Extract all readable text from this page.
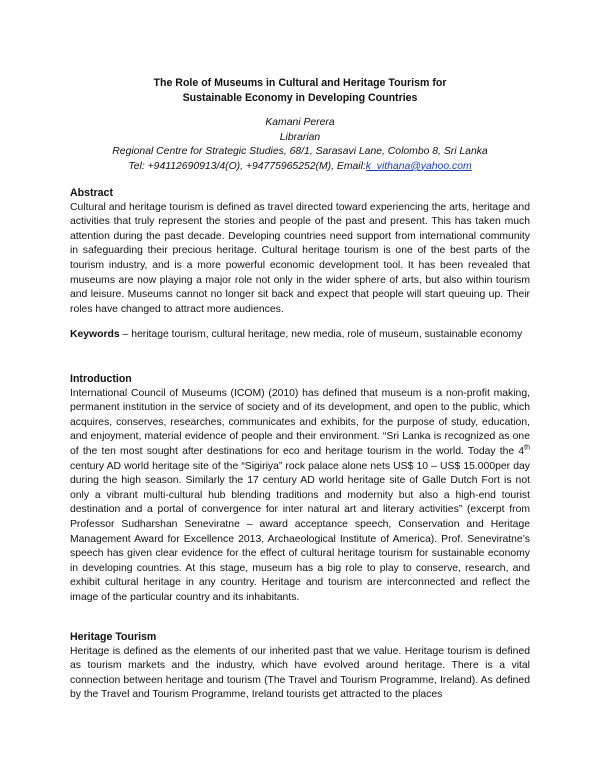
The Role of Museums in Cultural and Heritage Tourism for
Sustainable Economy in Developing Countries
Kamani Perera
Librarian
Regional Centre for Strategic Studies, 68/1, Sarasavi Lane, Colombo 8, Sri Lanka
Tel: +94112690913/4(O), +94775965252(M), Email:k_vithana@yahoo.com
Abstract
Cultural and heritage tourism is defined as travel directed toward experiencing the arts, heritage and activities that truly represent the stories and people of the past and present. This has taken much attention during the past decade. Developing countries need support from international community in safeguarding their precious heritage. Cultural heritage tourism is one of the best parts of the tourism industry, and is a more powerful economic development tool. It has been revealed that museums are now playing a major role not only in the wider sphere of arts, but also within tourism and leisure. Museums cannot no longer sit back and expect that people will start queuing up. Their roles have changed to attract more audiences.
Keywords – heritage tourism, cultural heritage, new media, role of museum, sustainable economy
Introduction
International Council of Museums (ICOM) (2010) has defined that museum is a non-profit making, permanent institution in the service of society and of its development, and open to the public, which acquires, conserves, researches, communicates and exhibits, for the purpose of study, education, and enjoyment, material evidence of people and their environment. “Sri Lanka is recognized as one of the ten most sought after destinations for eco and heritage tourism in the world. Today the 4th century AD world heritage site of the “Sigiriya” rock palace alone nets US$ 10 – US$ 15.000per day during the high season. Similarly the 17 century AD world heritage site of Galle Dutch Fort is not only a vibrant multi-cultural hub blending traditions and modernity but also a high-end tourist destination and a portal of convergence for inter natural art and literary activities” (excerpt from Professor Sudharshan Seneviratne – award acceptance speech, Conservation and Heritage Management Award for Excellence 2013, Archaeological Institute of America). Prof. Seneviratne’s speech has given clear evidence for the effect of cultural heritage tourism for sustainable economy in developing countries. At this stage, museum has a big role to play to conserve, research, and exhibit cultural heritage in any country. Heritage and tourism are interconnected and reflect the image of the particular country and its inhabitants.
Heritage Tourism
Heritage is defined as the elements of our inherited past that we value. Heritage tourism is defined as tourism markets and the industry, which have evolved around heritage. There is a vital connection between heritage and tourism (The Travel and Tourism Programme, Ireland). As defined by the Travel and Tourism Programme, Ireland tourists get attracted to the places
